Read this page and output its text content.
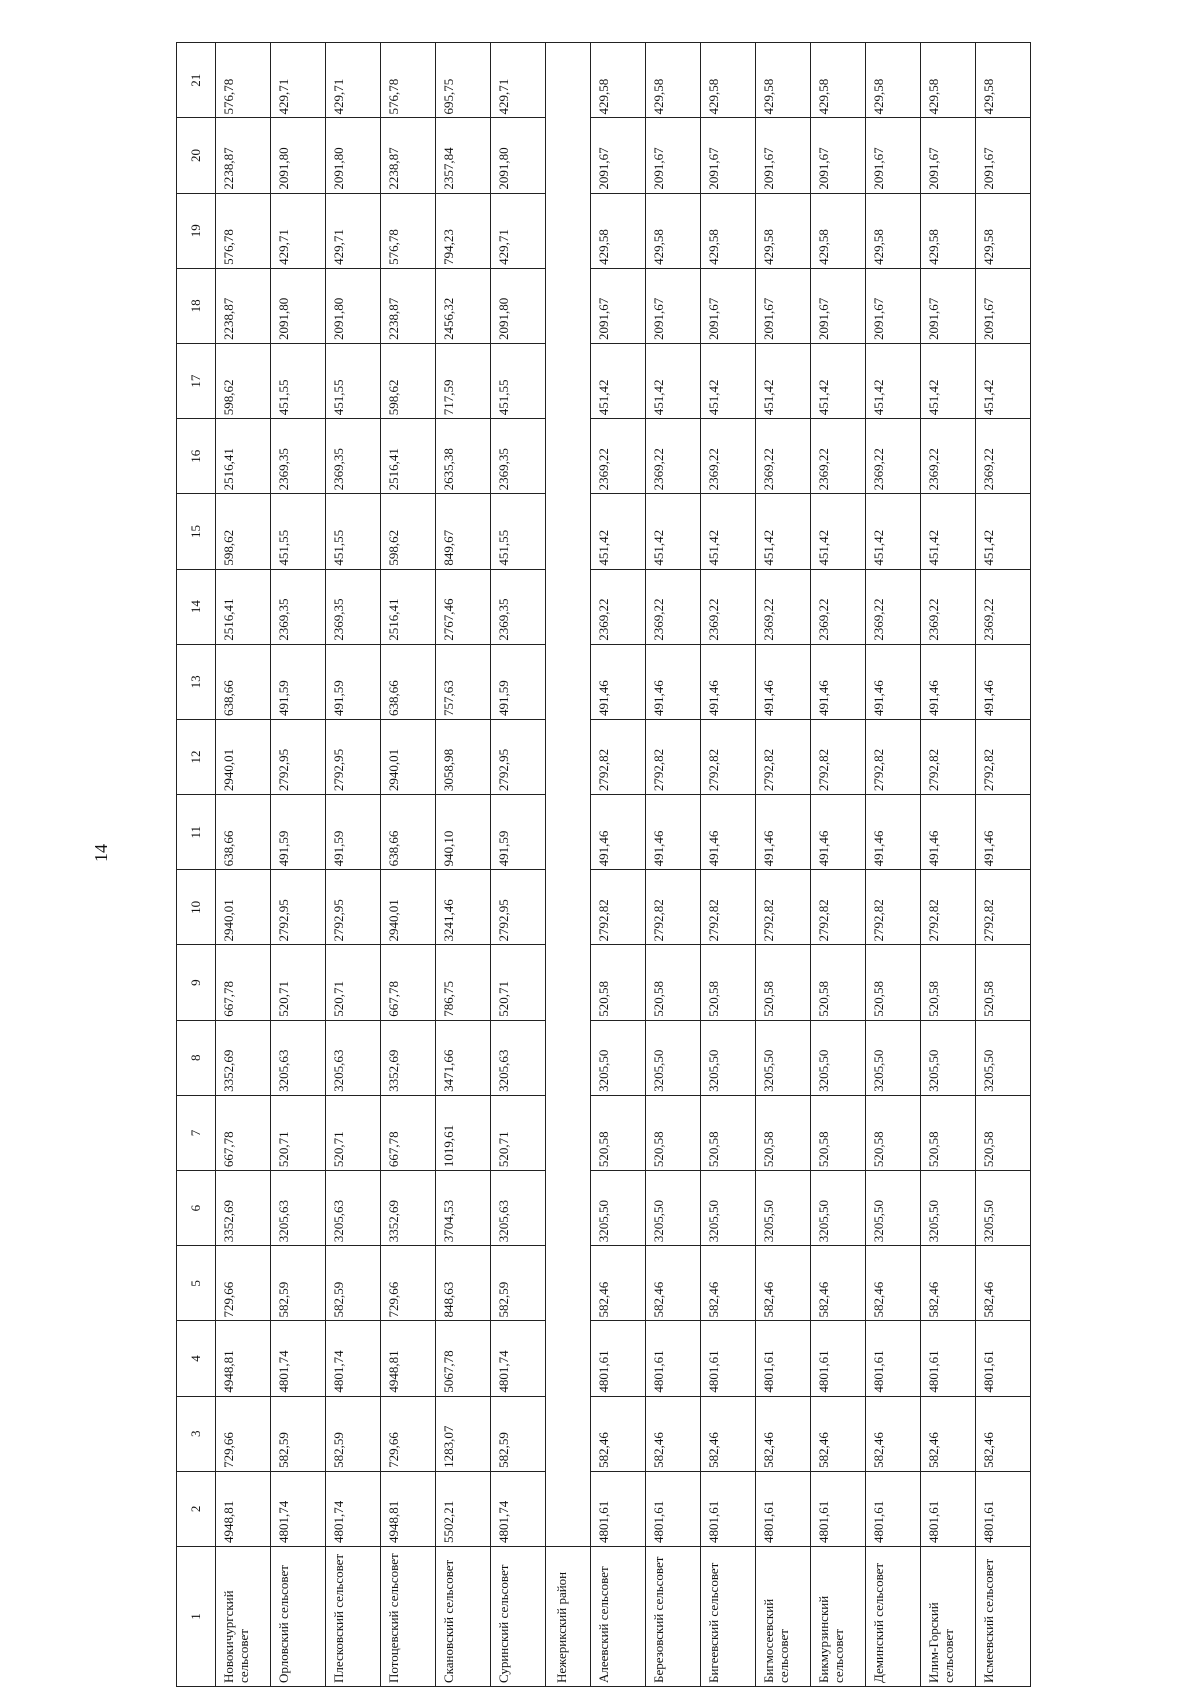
14
1	2	3	4	5	6	7	8	9	10	11	12	13	14	15	16	17	18	19	20	21
Новокичургский сельсовет	4948,81	729,66	4948,81	729,66	3352,69	667,78	3352,69	667,78	2940,01	638,66	2940,01	638,66	2516,41	598,62	2516,41	598,62	2238,87	576,78	2238,87	576,78
Орловский сельсовет	4801,74	582,59	4801,74	582,59	3205,63	520,71	3205,63	520,71	2792,95	491,59	2792,95	491,59	2369,35	451,55	2369,35	451,55	2091,80	429,71	2091,80	429,71
Плесковский сельсовет	4801,74	582,59	4801,74	582,59	3205,63	520,71	3205,63	520,71	2792,95	491,59	2792,95	491,59	2369,35	451,55	2369,35	451,55	2091,80	429,71	2091,80	429,71
Потоцевский сельсовет	4948,81	729,66	4948,81	729,66	3352,69	667,78	3352,69	667,78	2940,01	638,66	2940,01	638,66	2516,41	598,62	2516,41	598,62	2238,87	576,78	2238,87	576,78
Скановский сельсовет	5502,21	1283,07	5067,78	848,63	3704,53	1019,61	3471,66	786,75	3241,46	940,10	3058,98	757,63	2767,46	849,67	2635,38	717,59	2456,32	794,23	2357,84	695,75
Суринский сельсовет	4801,74	582,59	4801,74	582,59	3205,63	520,71	3205,63	520,71	2792,95	491,59	2792,95	491,59	2369,35	451,55	2369,35	451,55	2091,80	429,71	2091,80	429,71
Нежерикский район																				
Алеевский сельсовет	4801,61	582,46	4801,61	582,46	3205,50	520,58	3205,50	520,58	2792,82	491,46	2792,82	491,46	2369,22	451,42	2369,22	451,42	2091,67	429,58	2091,67	429,58
Березовский сельсовет	4801,61	582,46	4801,61	582,46	3205,50	520,58	3205,50	520,58	2792,82	491,46	2792,82	491,46	2369,22	451,42	2369,22	451,42	2091,67	429,58	2091,67	429,58
Бигеевский сельсовет	4801,61	582,46	4801,61	582,46	3205,50	520,58	3205,50	520,58	2792,82	491,46	2792,82	491,46	2369,22	451,42	2369,22	451,42	2091,67	429,58	2091,67	429,58
Бигмосеевский сельсовет	4801,61	582,46	4801,61	582,46	3205,50	520,58	3205,50	520,58	2792,82	491,46	2792,82	491,46	2369,22	451,42	2369,22	451,42	2091,67	429,58	2091,67	429,58
Бикмурзинский сельсовет	4801,61	582,46	4801,61	582,46	3205,50	520,58	3205,50	520,58	2792,82	491,46	2792,82	491,46	2369,22	451,42	2369,22	451,42	2091,67	429,58	2091,67	429,58
Деминский сельсовет	4801,61	582,46	4801,61	582,46	3205,50	520,58	3205,50	520,58	2792,82	491,46	2792,82	491,46	2369,22	451,42	2369,22	451,42	2091,67	429,58	2091,67	429,58
Илим-Горский сельсовет	4801,61	582,46	4801,61	582,46	3205,50	520,58	3205,50	520,58	2792,82	491,46	2792,82	491,46	2369,22	451,42	2369,22	451,42	2091,67	429,58	2091,67	429,58
Исмеевский сельсовет	4801,61	582,46	4801,61	582,46	3205,50	520,58	3205,50	520,58	2792,82	491,46	2792,82	491,46	2369,22	451,42	2369,22	451,42	2091,67	429,58	2091,67	429,58
